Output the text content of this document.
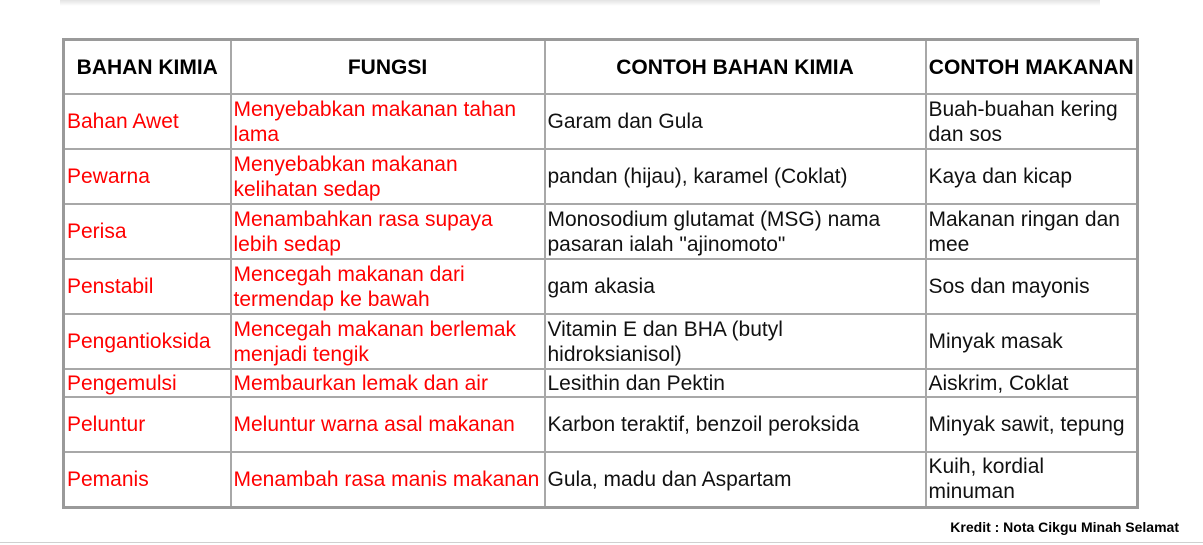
BAHAN KIMIA	FUNGSI	CONTOH BAHAN KIMIA	CONTOH MAKANAN
Bahan Awet	Menyebabkan makanan tahan lama	Garam dan Gula	Buah-buahan kering dan sos
Pewarna	Menyebabkan makanan kelihatan sedap	pandan (hijau), karamel (Coklat)	Kaya dan kicap
Perisa	Menambahkan rasa supaya lebih sedap	Monosodium glutamat (MSG) nama pasaran ialah "ajinomoto"	Makanan ringan dan mee
Penstabil	Mencegah makanan dari termendap ke bawah	gam akasia	Sos dan mayonis
Pengantioksida	Mencegah makanan berlemak menjadi tengik	Vitamin E dan BHA (butyl hidroksianisol)	Minyak masak
Pengemulsi	Membaurkan lemak dan air	Lesithin dan Pektin	Aiskrim, Coklat
Peluntur	Meluntur warna asal makanan	Karbon teraktif, benzoil peroksida	Minyak sawit, tepung
Pemanis	Menambah rasa manis makanan	Gula, madu dan Aspartam	Kuih, kordial minuman
Kredit : Nota Cikgu Minah Selamat
